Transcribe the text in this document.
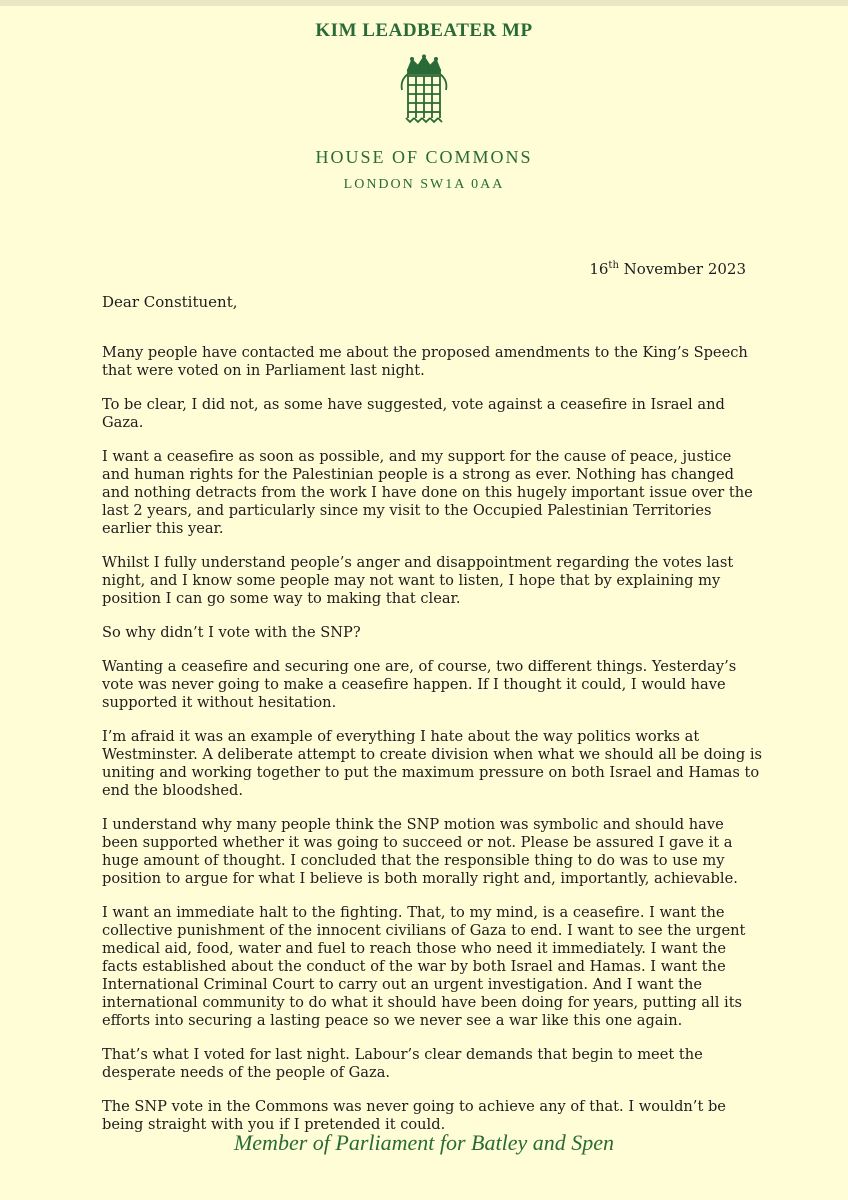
KIM LEADBEATER MP
HOUSE OF COMMONS
LONDON SW1A 0AA
16th November 2023
Dear Constituent,

Many people have contacted me about the proposed amendments to the King’s Speech that were voted on in Parliament last night.

To be clear, I did not, as some have suggested, vote against a ceasefire in Israel and Gaza.

I want a ceasefire as soon as possible, and my support for the cause of peace, justice and human rights for the Palestinian people is a strong as ever. Nothing has changed and nothing detracts from the work I have done on this hugely important issue over the last 2 years, and particularly since my visit to the Occupied Palestinian Territories earlier this year.

Whilst I fully understand people’s anger and disappointment regarding the votes last night, and I know some people may not want to listen, I hope that by explaining my position I can go some way to making that clear.

So why didn’t I vote with the SNP?

Wanting a ceasefire and securing one are, of course, two different things. Yesterday’s vote was never going to make a ceasefire happen. If I thought it could, I would have supported it without hesitation.

I’m afraid it was an example of everything I hate about the way politics works at Westminster. A deliberate attempt to create division when what we should all be doing is uniting and working together to put the maximum pressure on both Israel and Hamas to end the bloodshed.

I understand why many people think the SNP motion was symbolic and should have been supported whether it was going to succeed or not. Please be assured I gave it a huge amount of thought. I concluded that the responsible thing to do was to use my position to argue for what I believe is both morally right and, importantly, achievable.

I want an immediate halt to the fighting. That, to my mind, is a ceasefire. I want the collective punishment of the innocent civilians of Gaza to end. I want to see the urgent medical aid, food, water and fuel to reach those who need it immediately. I want the facts established about the conduct of the war by both Israel and Hamas. I want the International Criminal Court to carry out an urgent investigation. And I want the international community to do what it should have been doing for years, putting all its efforts into securing a lasting peace so we never see a war like this one again.

That’s what I voted for last night. Labour’s clear demands that begin to meet the desperate needs of the people of Gaza.

The SNP vote in the Commons was never going to achieve any of that. I wouldn’t be being straight with you if I pretended it could.

Member of Parliament for Batley and Spen
